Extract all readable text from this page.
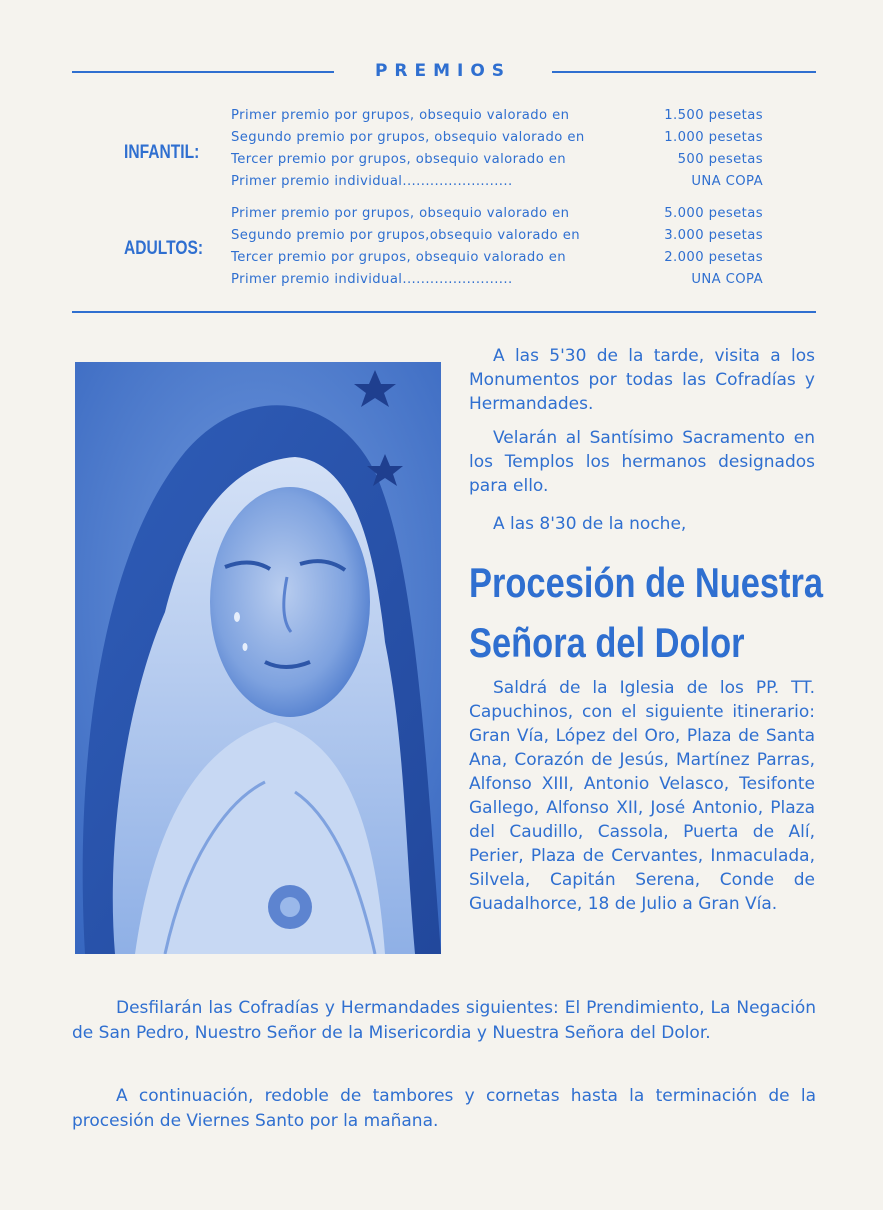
PREMIOS
INFANTIL:
Primer premio por grupos, obsequio valorado en	1.500 pesetas
Segundo premio por grupos, obsequio valorado en	1.000 pesetas
Tercer premio por grupos, obsequio valorado en	500 pesetas
Primer premio individual........................	UNA COPA
ADULTOS:
Primer premio por grupos, obsequio valorado en	5.000 pesetas
Segundo premio por grupos,obsequio valorado en	3.000 pesetas
Tercer premio por grupos, obsequio valorado en	2.000 pesetas
Primer premio individual........................	UNA COPA

A las 5'30 de la tarde, visita a los Monumentos por todas las Cofradías y Hermandades.

Velarán al Santísimo Sacramento en los Templos los hermanos designados para ello.

A las 8'30 de la noche,

Procesión de Nuestra
Señora del Dolor

Saldrá de la Iglesia de los PP. TT. Capuchinos, con el siguiente itinerario: Gran Vía, López del Oro, Plaza de Santa Ana, Corazón de Jesús, Martínez Parras, Alfonso XIII, Antonio Velasco, Tesifonte Gallego, Alfonso XII, José Antonio, Plaza del Caudillo, Cassola, Puerta de Alí, Perier, Plaza de Cervantes, Inmaculada, Silvela, Capitán Serena, Conde de Guadalhorce, 18 de Julio a Gran Vía.

Desfilarán las Cofradías y Hermandades siguientes: El Prendimiento, La Negación de San Pedro, Nuestro Señor de la Misericordia y Nuestra Señora del Dolor.

A continuación, redoble de tambores y cornetas hasta la terminación de la procesión de Viernes Santo por la mañana.
